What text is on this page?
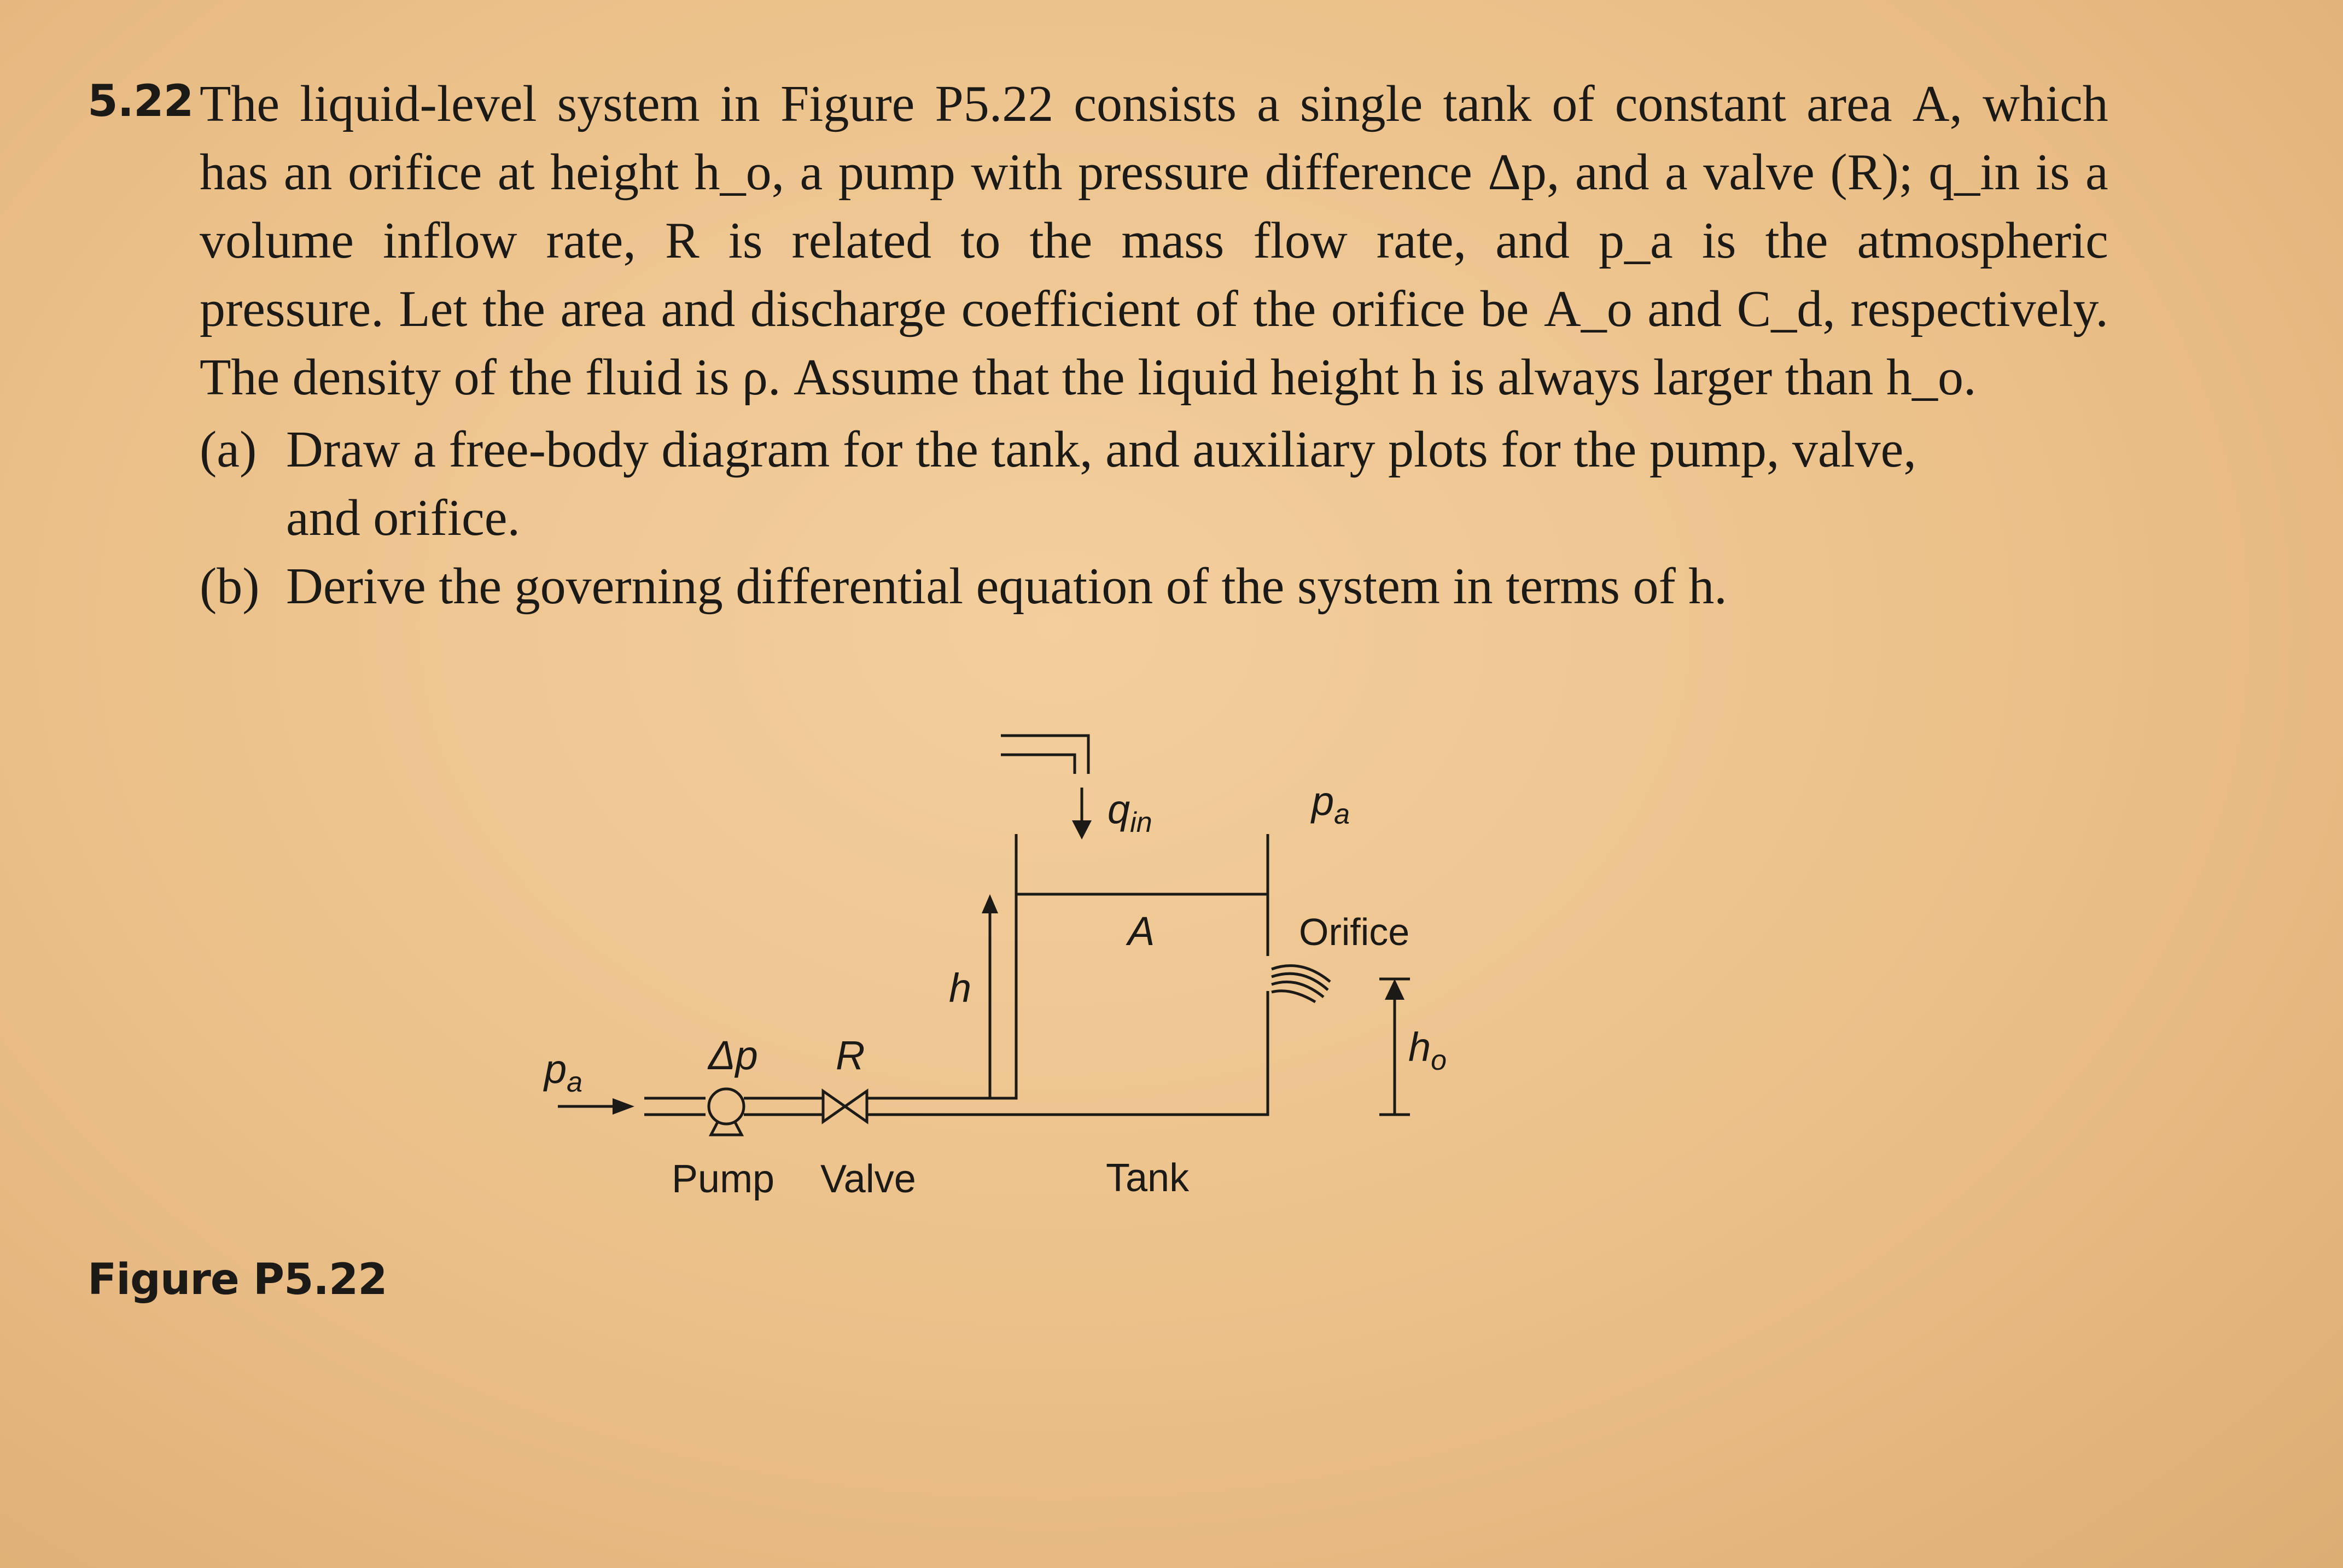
5.22 The liquid-level system in Figure P5.22 consists a single tank of constant area A, which
has an orifice at height h_o, a pump with pressure difference Δp, and a valve (R); q_in is a
volume inflow rate, R is related to the mass flow rate, and p_a is the atmospheric
pressure. Let the area and discharge coefficient of the orifice be A_o and C_d, respectively.
The density of the fluid is ρ. Assume that the liquid height h is always larger than h_o.
(a) Draw a free-body diagram for the tank, and auxiliary plots for the pump, valve,
and orifice.
(b) Derive the governing differential equation of the system in terms of h.
Figure P5.22
$q_{in}$	$p_a$
A	Orifice
h
$h_o$
Δp R
$p_a$
Pump Valve	Tank
